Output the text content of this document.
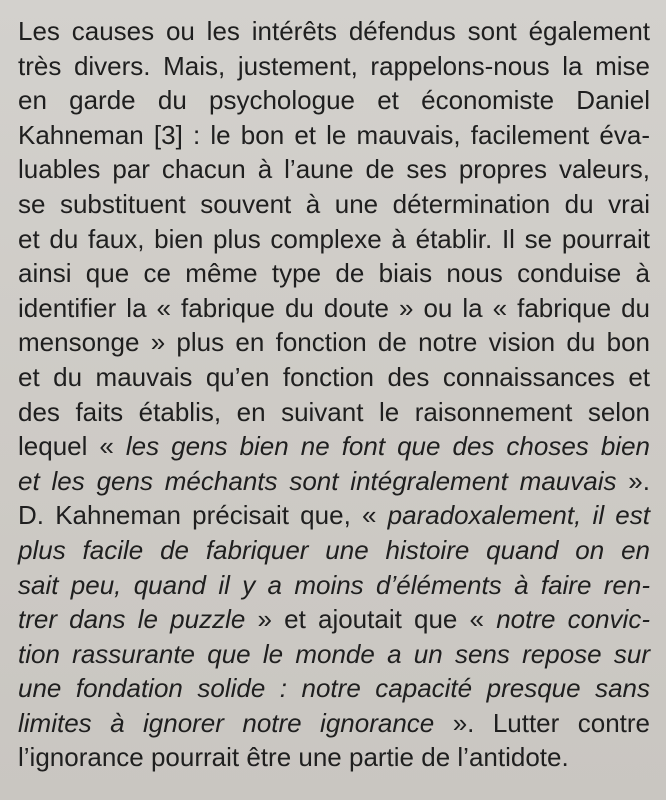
Les causes ou les intérêts défendus sont également
très divers. Mais, justement, rappelons-nous la mise
en garde du psychologue et économiste Daniel
Kahneman [3] : le bon et le mauvais, facilement éva-
luables par chacun à l’aune de ses propres valeurs,
se substituent souvent à une détermination du vrai
et du faux, bien plus complexe à établir. Il se pourrait
ainsi que ce même type de biais nous conduise à
identifier la « fabrique du doute » ou la « fabrique du
mensonge » plus en fonction de notre vision du bon
et du mauvais qu’en fonction des connaissances et
des faits établis, en suivant le raisonnement selon
lequel « les gens bien ne font que des choses bien
et les gens méchants sont intégralement mauvais ».
D. Kahneman précisait que, « paradoxalement, il est
plus facile de fabriquer une histoire quand on en
sait peu, quand il y a moins d’éléments à faire ren-
trer dans le puzzle » et ajoutait que « notre convic-
tion rassurante que le monde a un sens repose sur
une fondation solide : notre capacité presque sans
limites à ignorer notre ignorance ». Lutter contre
l’ignorance pourrait être une partie de l’antidote.
